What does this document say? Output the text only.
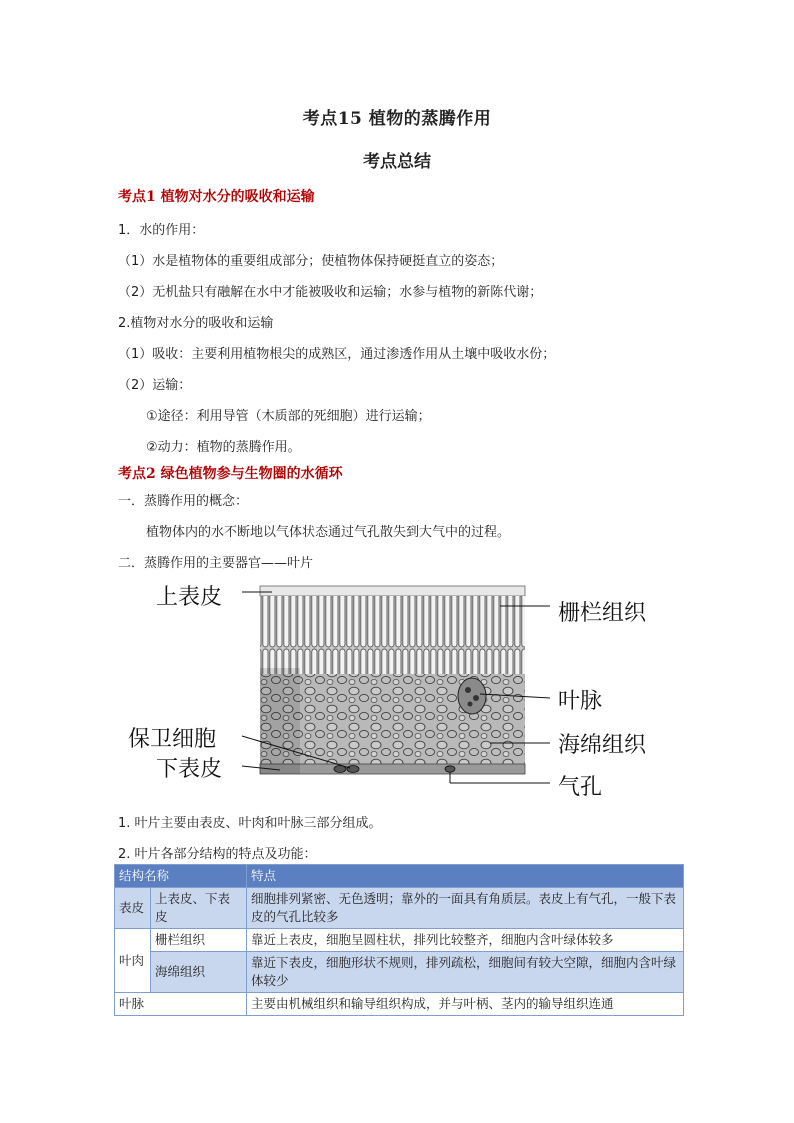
考点15 植物的蒸腾作用
考点总结
考点1 植物对水分的吸收和运输
1．水的作用：
（1）水是植物体的重要组成部分；使植物体保持硬挺直立的姿态；
（2）无机盐只有融解在水中才能被吸收和运输；水参与植物的新陈代谢；
2.植物对水分的吸收和运输
（1）吸收：主要利用植物根尖的成熟区，通过渗透作用从土壤中吸收水份；
（2）运输：
①途径：利用导管（木质部的死细胞）进行运输；
②动力：植物的蒸腾作用。
考点2 绿色植物参与生物圈的水循环
一．蒸腾作用的概念：
植物体内的水不断地以气体状态通过气孔散失到大气中的过程。
二．蒸腾作用的主要器官——叶片
上表皮
栅栏组织
叶脉
保卫细胞	海绵组织
下表皮
气孔
1. 叶片主要由表皮、叶肉和叶脉三部分组成。
2. 叶片各部分结构的特点及功能：
结构名称		特点
表皮	上表皮、下表皮	细胞排列紧密、无色透明；靠外的一面具有角质层。表皮上有气孔，一般下表皮的气孔比较多
叶肉	栅栏组织	靠近上表皮，细胞呈圆柱状，排列比较整齐，细胞内含叶绿体较多
	海绵组织	靠近下表皮，细胞形状不规则，排列疏松，细胞间有较大空隙，细胞内含叶绿体较少
叶脉		主要由机械组织和输导组织构成，并与叶柄、茎内的输导组织连通
